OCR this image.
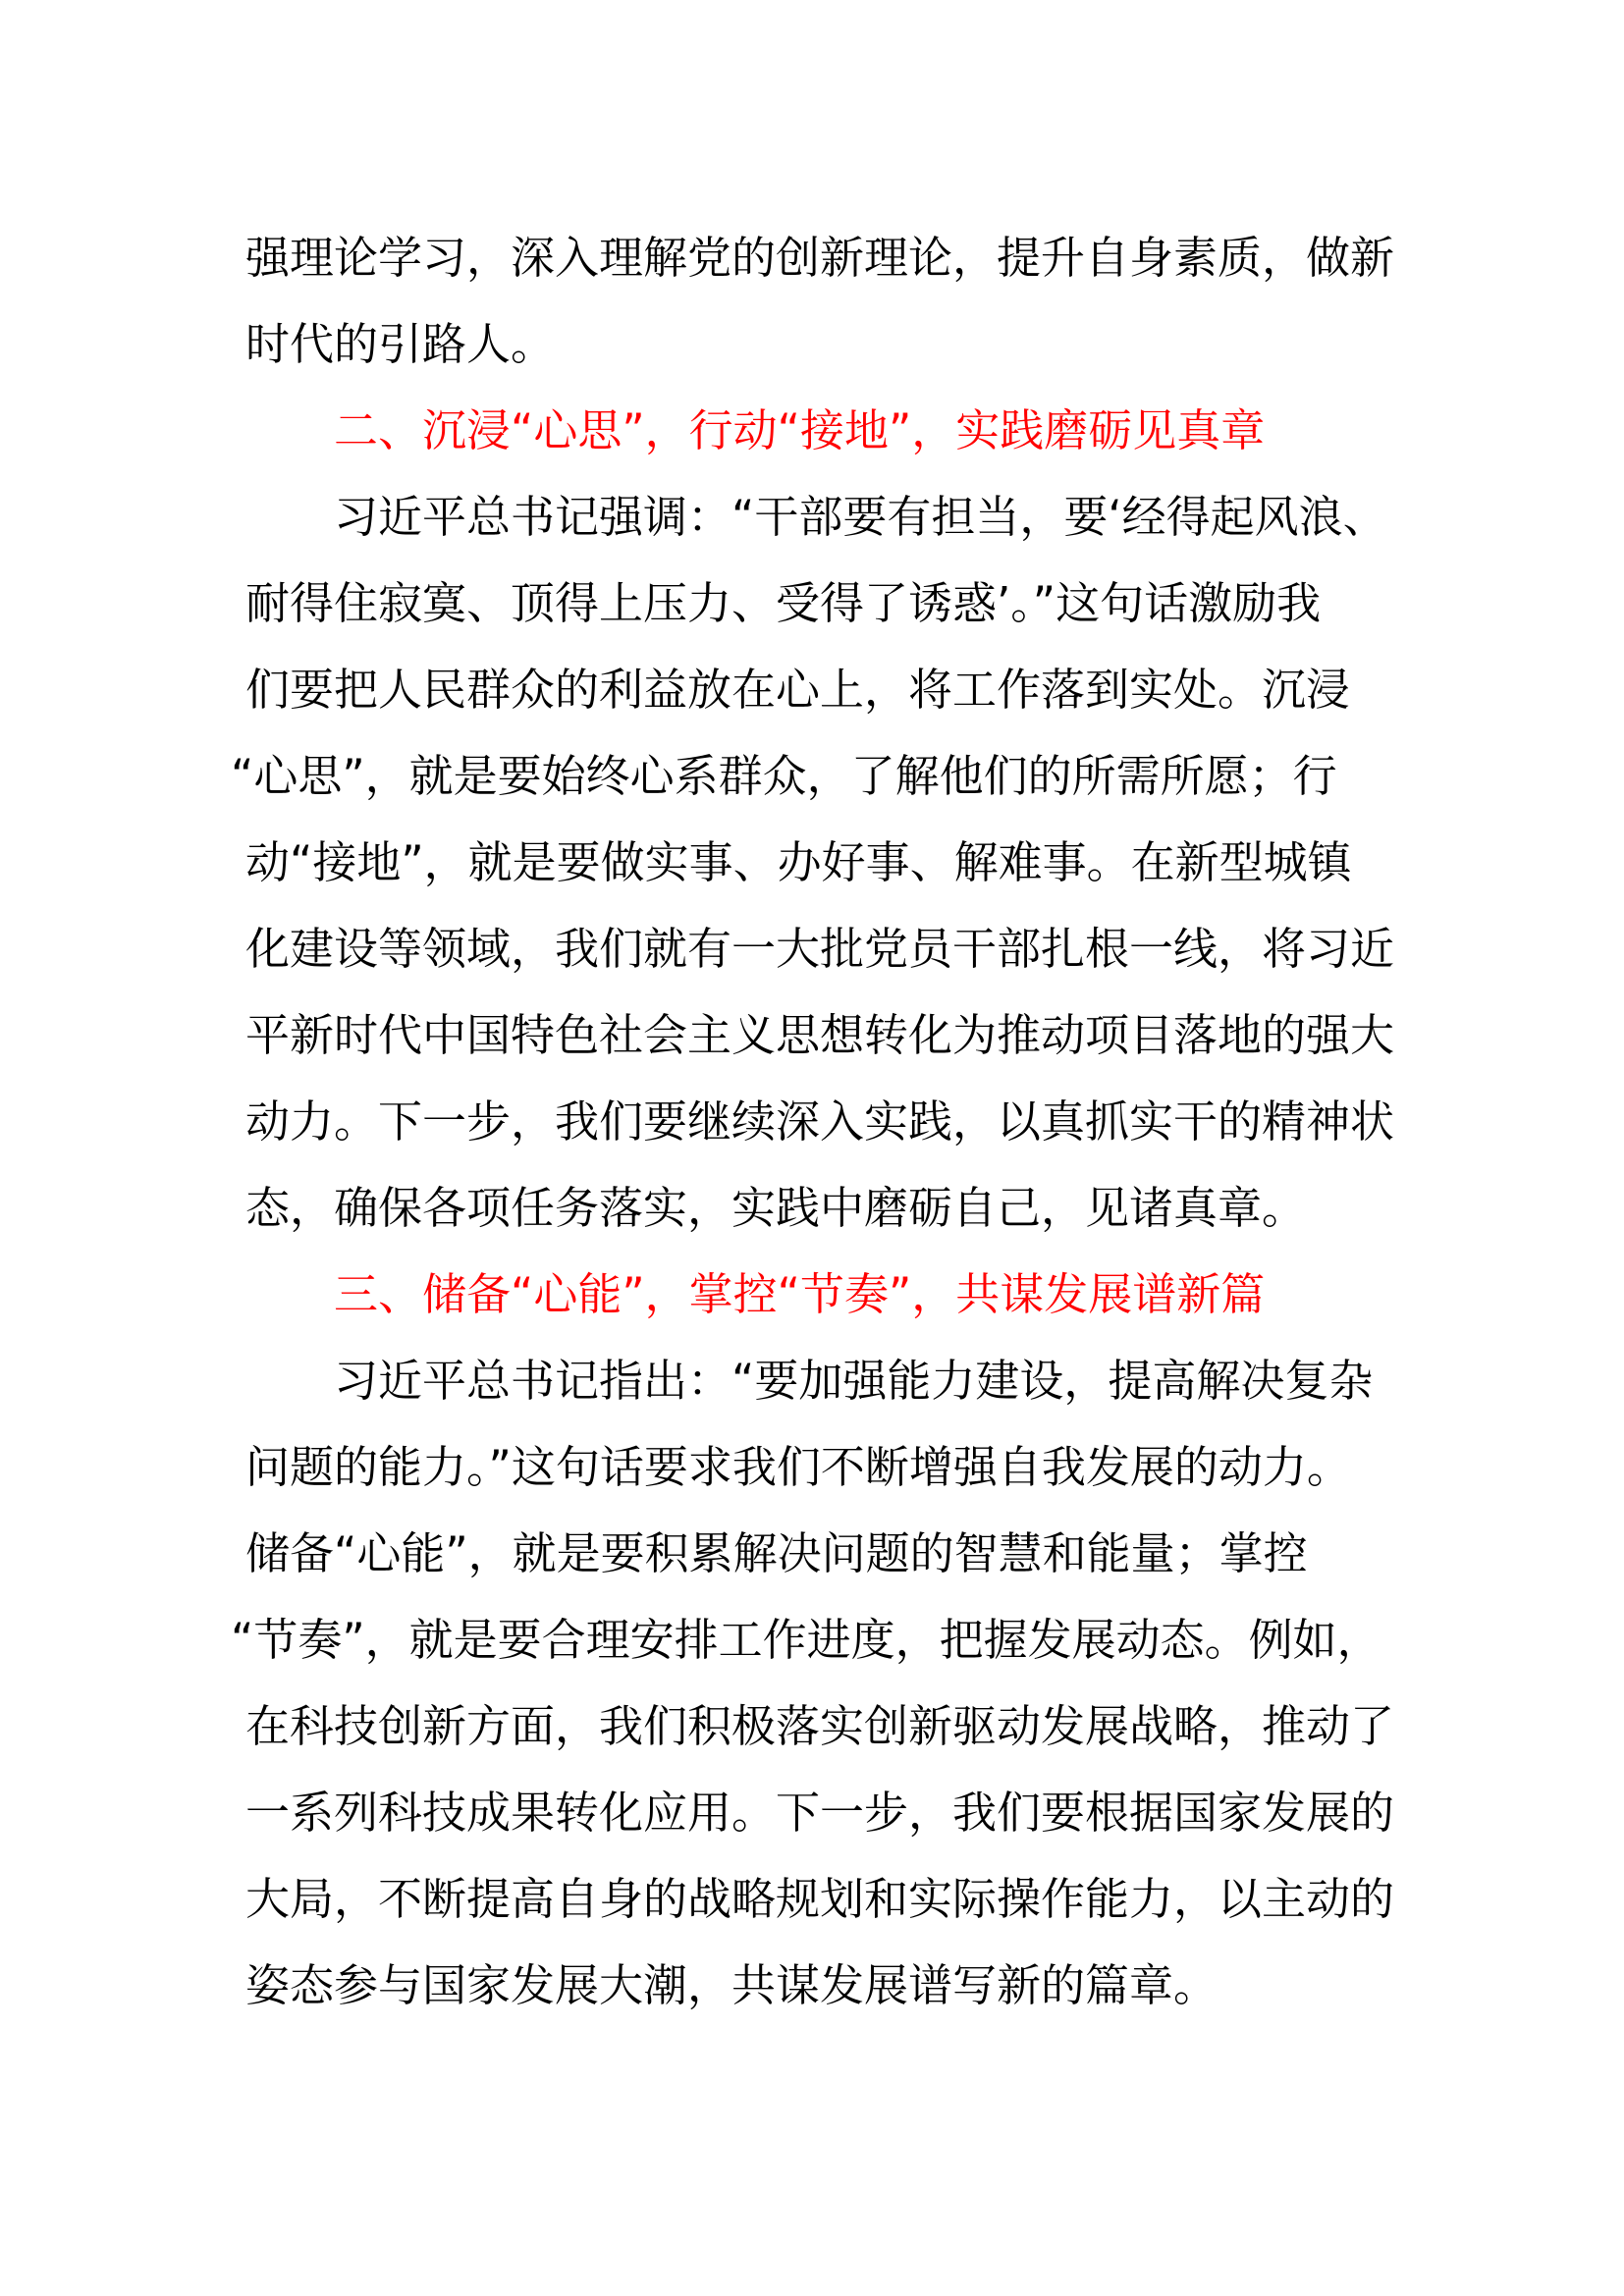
强理论学习，深入理解党的创新理论，提升自身素质，做新
时代的引路人。
二、沉浸“心思”，行动“接地”，实践磨砺见真章
习近平总书记强调：“干部要有担当，要‘经得起风浪、
耐得住寂寞、顶得上压力、受得了诱惑’。”这句话激励我
们要把人民群众的利益放在心上，将工作落到实处。沉浸
“心思”，就是要始终心系群众，了解他们的所需所愿；行
动“接地”，就是要做实事、办好事、解难事。在新型城镇
化建设等领域，我们就有一大批党员干部扎根一线，将习近
平新时代中国特色社会主义思想转化为推动项目落地的强大
动力。下一步，我们要继续深入实践，以真抓实干的精神状
态，确保各项任务落实，实践中磨砺自己，见诸真章。
三、储备“心能”，掌控“节奏”，共谋发展谱新篇
习近平总书记指出：“要加强能力建设，提高解决复杂
问题的能力。”这句话要求我们不断增强自我发展的动力。
储备“心能”，就是要积累解决问题的智慧和能量；掌控
“节奏”，就是要合理安排工作进度，把握发展动态。例如，
在科技创新方面，我们积极落实创新驱动发展战略，推动了
一系列科技成果转化应用。下一步，我们要根据国家发展的
大局，不断提高自身的战略规划和实际操作能力，以主动的
姿态参与国家发展大潮，共谋发展谱写新的篇章。
